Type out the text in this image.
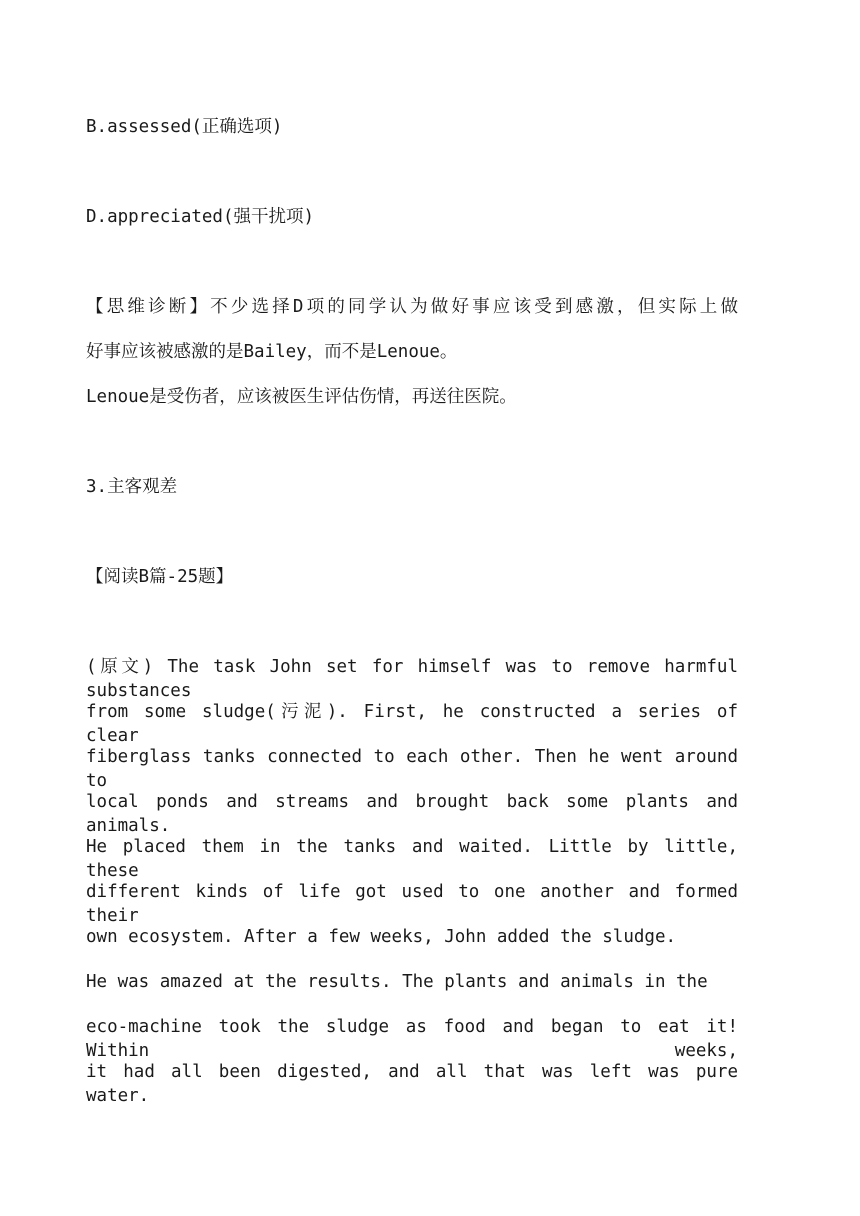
B.assessed(正确选项)
D.appreciated(强干扰项)
【思维诊断】不少选择D项的同学认为做好事应该受到感激，但实际上做
好事应该被感激的是Bailey，而不是Lenoue。
Lenoue是受伤者，应该被医生评估伤情，再送往医院。
3.主客观差
【阅读B篇-25题】
(原文) The task John set for himself was to remove harmful substances
from some sludge(污泥). First, he constructed a series of clear
fiberglass tanks connected to each other. Then he went around to
local ponds and streams and brought back some plants and animals.
He placed them in the tanks and waited. Little by little, these
different kinds of life got used to one another and formed their
own ecosystem. After a few weeks, John added the sludge.
He was amazed at the results. The plants and animals in the
eco-machine took the sludge as food and began to eat it! Within weeks,
it had all been digested, and all that was left was pure water.
